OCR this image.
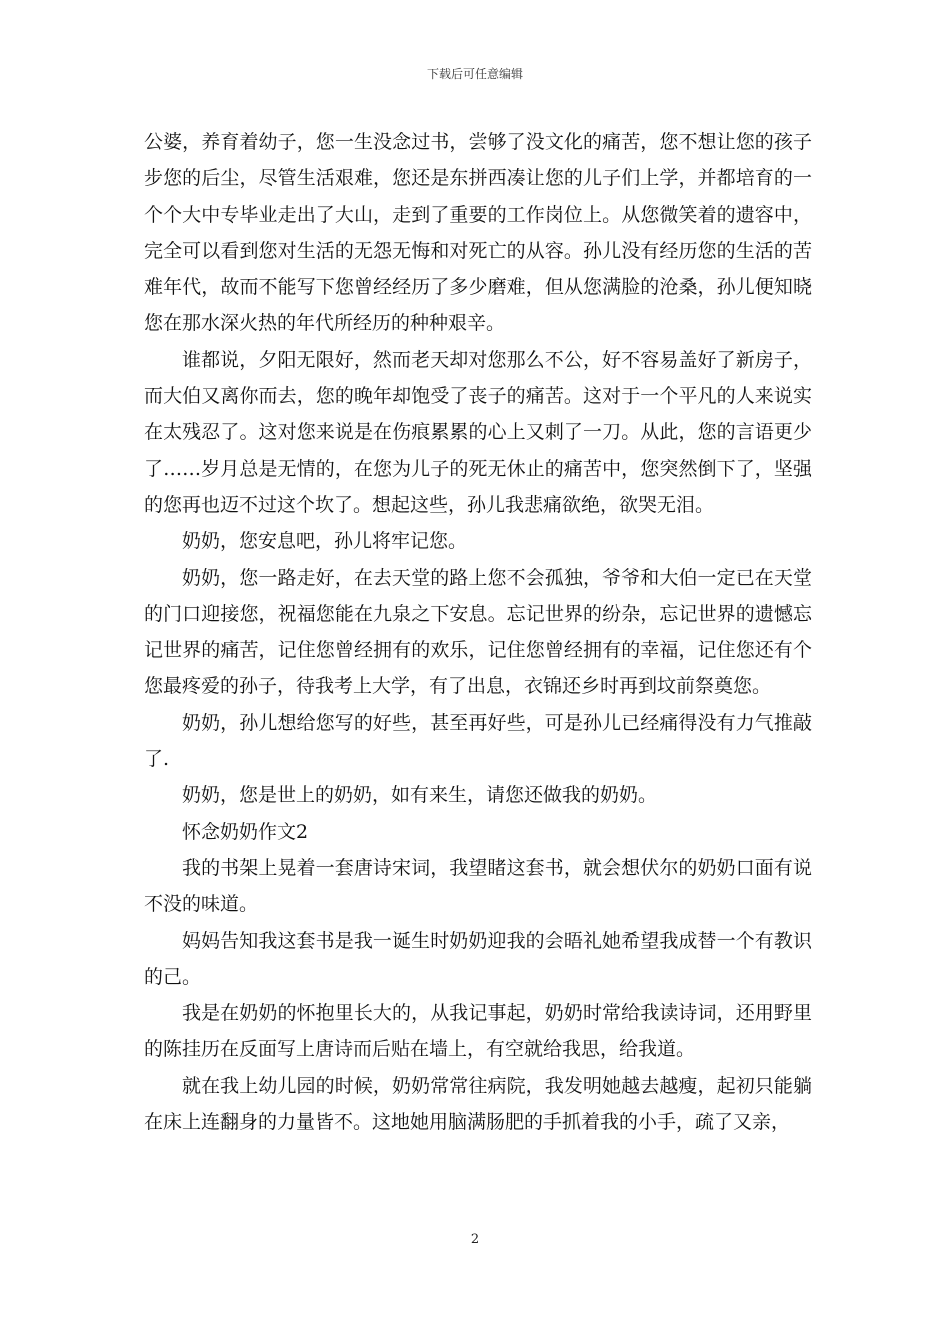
下载后可任意编辑

公婆，养育着幼子，您一生没念过书，尝够了没文化的痛苦，您不想让您的孩子步您的后尘，尽管生活艰难，您还是东拼西凑让您的儿子们上学，并都培育的一个个大中专毕业走出了大山，走到了重要的工作岗位上。从您微笑着的遗容中，完全可以看到您对生活的无怨无悔和对死亡的从容。孙儿没有经历您的生活的苦难年代，故而不能写下您曾经经历了多少磨难，但从您满脸的沧桑，孙儿便知晓您在那水深火热的年代所经历的种种艰辛。

谁都说，夕阳无限好，然而老天却对您那么不公，好不容易盖好了新房子，而大伯又离你而去，您的晚年却饱受了丧子的痛苦。这对于一个平凡的人来说实在太残忍了。这对您来说是在伤痕累累的心上又刺了一刀。从此，您的言语更少了……岁月总是无情的，在您为儿子的死无休止的痛苦中，您突然倒下了，坚强的您再也迈不过这个坎了。想起这些，孙儿我悲痛欲绝，欲哭无泪。

奶奶，您安息吧，孙儿将牢记您。

奶奶，您一路走好，在去天堂的路上您不会孤独，爷爷和大伯一定已在天堂的门口迎接您，祝福您能在九泉之下安息。忘记世界的纷杂，忘记世界的遗憾忘记世界的痛苦，记住您曾经拥有的欢乐，记住您曾经拥有的幸福，记住您还有个您最疼爱的孙子，待我考上大学，有了出息，衣锦还乡时再到坟前祭奠您。

奶奶，孙儿想给您写的好些，甚至再好些，可是孙儿已经痛得没有力气推敲了.

奶奶，您是世上的奶奶，如有来生，请您还做我的奶奶。

怀念奶奶作文2

我的书架上晃着一套唐诗宋词，我望睹这套书，就会想伏尔的奶奶口面有说不没的味道。

妈妈告知我这套书是我一诞生时奶奶迎我的会晤礼她希望我成替一个有教识的己。

我是在奶奶的怀抱里长大的，从我记事起，奶奶时常给我读诗词，还用野里的陈挂历在反面写上唐诗而后贴在墙上，有空就给我思，给我道。

就在我上幼儿园的时候，奶奶常常往病院，我发明她越去越瘦，起初只能躺在床上连翻身的力量皆不。这地她用脑满肠肥的手抓着我的小手，疏了又亲，

2
